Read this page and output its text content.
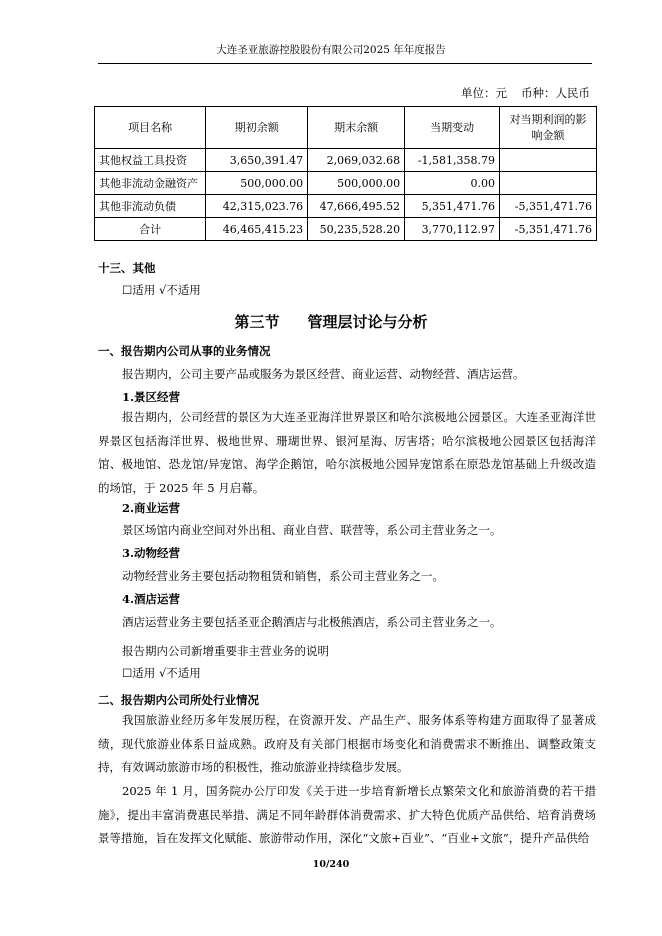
大连圣亚旅游控股股份有限公司2025 年年度报告
单位：元 币种：人民币
项目名称	期初余额	期末余额	当期变动	对当期利润的影响金额
其他权益工具投资	3,650,391.47	2,069,032.68	-1,581,358.79	
其他非流动金融资产	500,000.00	500,000.00	0.00	
其他非流动负债	42,315,023.76	47,666,495.52	5,351,471.76	-5,351,471.76
合计	46,465,415.23	50,235,528.20	3,770,112.97	-5,351,471.76
十三、其他
☐适用 √不适用
第三节 管理层讨论与分析
一、报告期内公司从事的业务情况
报告期内，公司主要产品或服务为景区经营、商业运营、动物经营、酒店运营。
1.景区经营
报告期内，公司经营的景区为大连圣亚海洋世界景区和哈尔滨极地公园景区。大连圣亚海洋世界景区包括海洋世界、极地世界、珊瑚世界、银河星海、厉害塔；哈尔滨极地公园景区包括海洋馆、极地馆、恐龙馆/异宠馆、海学企鹅馆，哈尔滨极地公园异宠馆系在原恐龙馆基础上升级改造的场馆，于 2025 年 5 月启幕。
2.商业运营
景区场馆内商业空间对外出租、商业自营、联营等，系公司主营业务之一。
3.动物经营
动物经营业务主要包括动物租赁和销售，系公司主营业务之一。
4.酒店运营
酒店运营业务主要包括圣亚企鹅酒店与北极熊酒店，系公司主营业务之一。
报告期内公司新增重要非主营业务的说明
☐适用 √不适用
二、报告期内公司所处行业情况
我国旅游业经历多年发展历程，在资源开发、产品生产、服务体系等构建方面取得了显著成绩，现代旅游业体系日益成熟。政府及有关部门根据市场变化和消费需求不断推出、调整政策支持，有效调动旅游市场的积极性，推动旅游业持续稳步发展。
2025 年 1 月，国务院办公厅印发《关于进一步培育新增长点繁荣文化和旅游消费的若干措施》，提出丰富消费惠民举措、满足不同年龄群体消费需求、扩大特色优质产品供给、培育消费场景等措施，旨在发挥文化赋能、旅游带动作用，深化“文旅+百业”、“百业+文旅”，提升产品供给
10/240
